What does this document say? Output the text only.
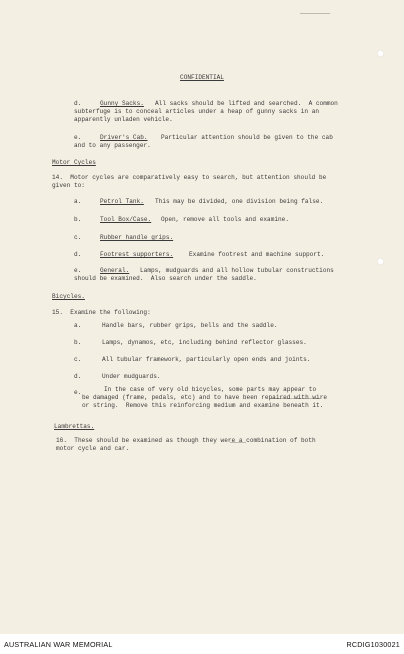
CONFIDENTIAL
d.	Gunny Sacks. All sacks should be lifted and searched.  A common
subterfuge is to conceal articles under a heap of gunny sacks in an
apparently unladen vehicle.
e.	Driver's Cab. Particular attention should be given to the cab
and to any passenger.
Motor Cycles
14.  Motor cycles are comparatively easy to search, but attention should be
given to:
a.	Petrol Tank. This may be divided, one division being false.
b.	Tool Box/Case. Open, remove all tools and examine.
c.	Rubber handle grips.
d.	Footrest supporters.	Examine footrest and machine support.
e.	General. Lamps, mudguards and all hollow tubular constructions
should be examined.  Also search under the saddle.
Bicycles.
15.  Examine the following:
a.	Handle bars, rubber grips, bells and the saddle.
b.	Lamps, dynamos, etc, including behind reflector glasses.
c.	All tubular framework, particularly open ends and joints.
d.	Under mudguards.
e.	In the case of very old bicycles, some parts may appear to
be damaged (frame, pedals, etc) and to have been repaired with wire
or string.  Remove this reinforcing medium and examine beneath it.
Lambrettas.
16.  These should be examined as though they were a combination of both
motor cycle and car.
AUSTRALIAN WAR MEMORIAL	RCDIG1030021
